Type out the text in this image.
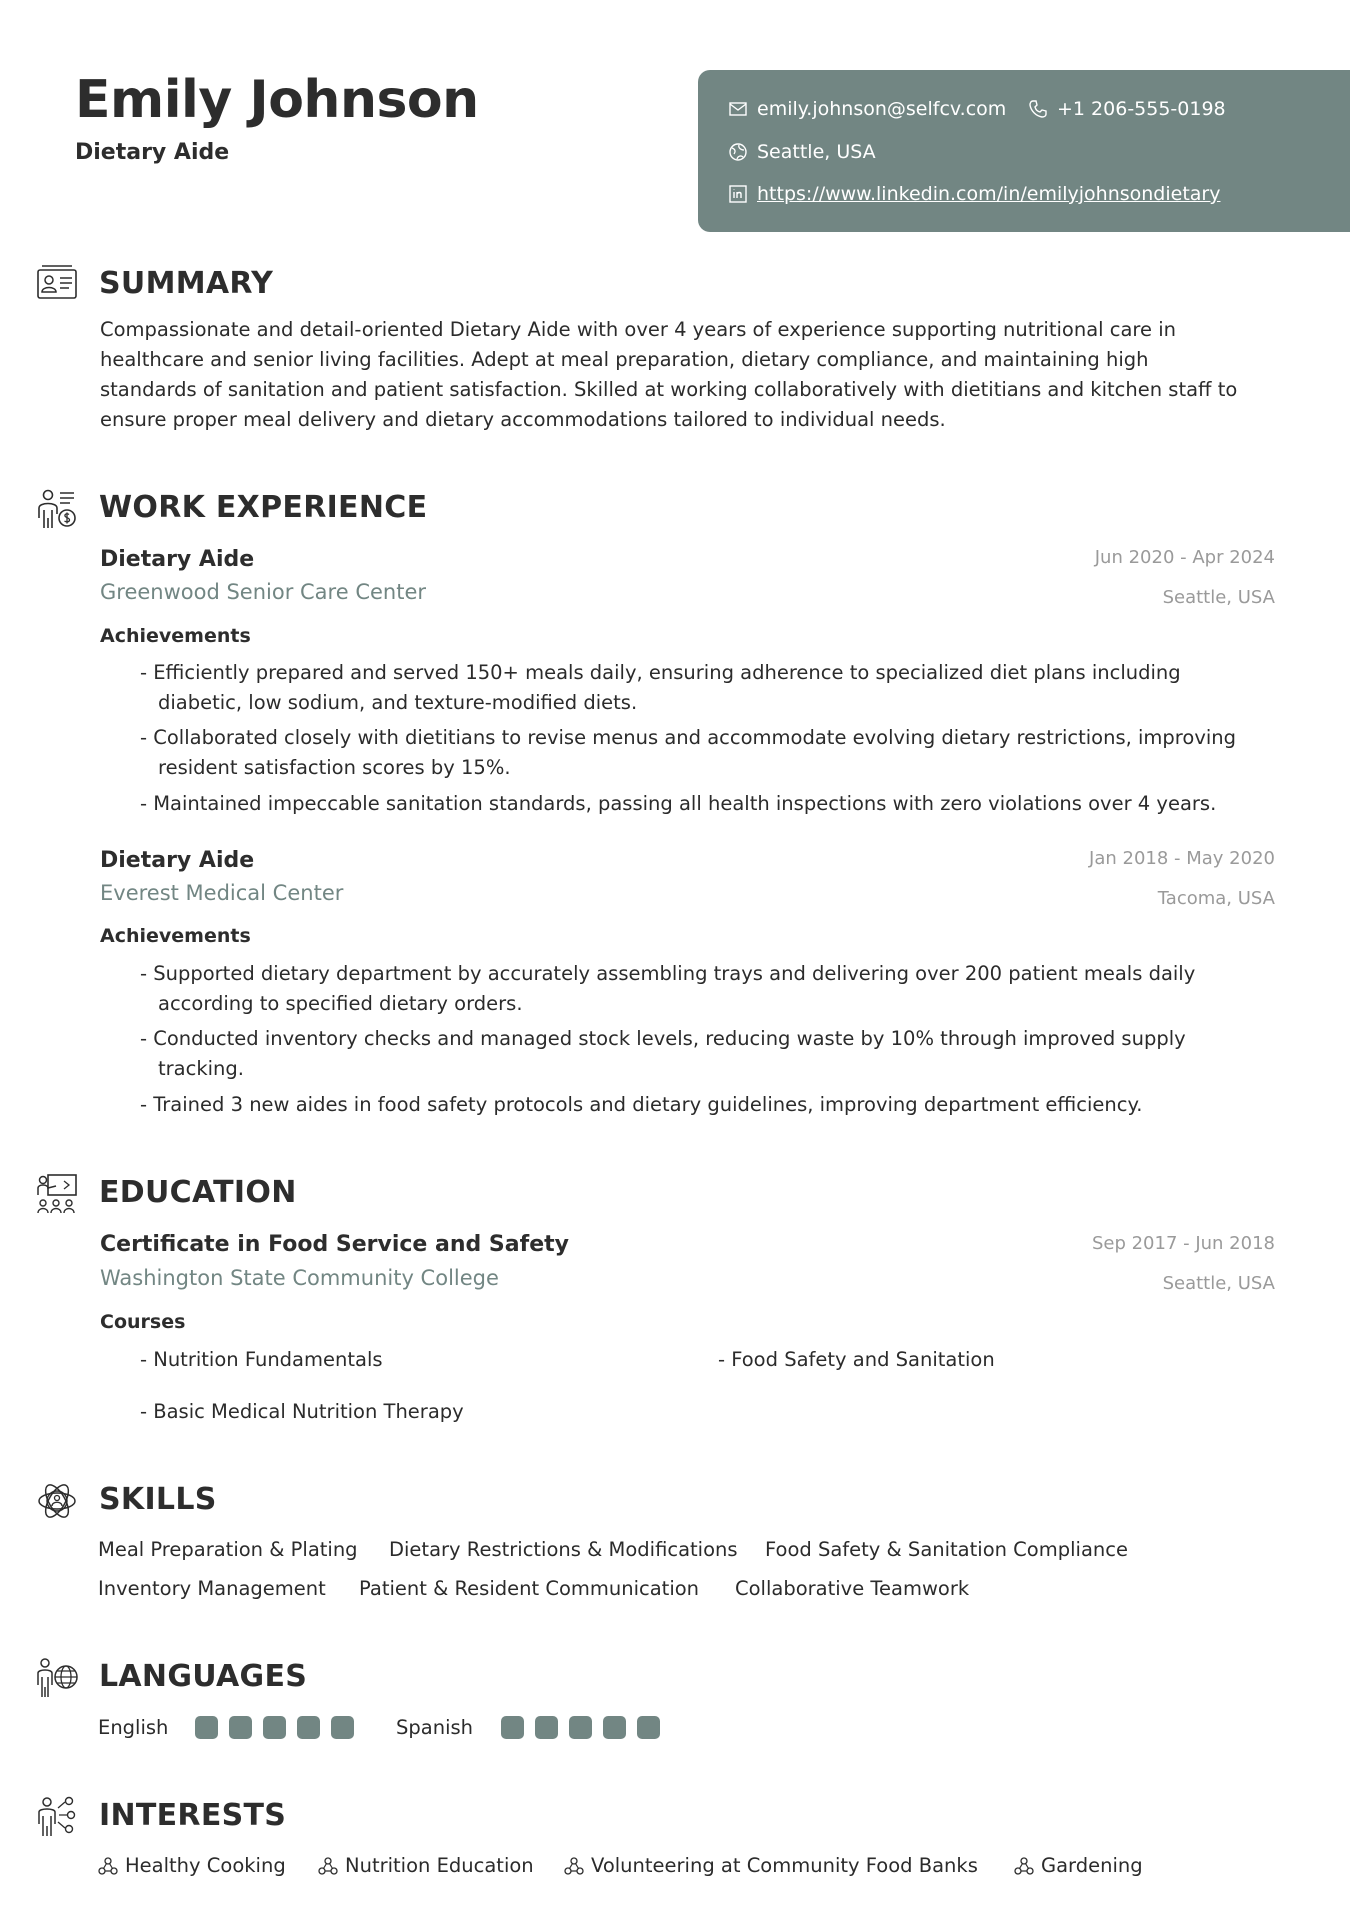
Emily Johnson
Dietary Aide
emily.johnson@selfcv.com	+1 206-555-0198
Seattle, USA
https://www.linkedin.com/in/emilyjohnsondietary
SUMMARY
Compassionate and detail-oriented Dietary Aide with over 4 years of experience supporting nutritional care in
healthcare and senior living facilities. Adept at meal preparation, dietary compliance, and maintaining high
standards of sanitation and patient satisfaction. Skilled at working collaboratively with dietitians and kitchen staff to
ensure proper meal delivery and dietary accommodations tailored to individual needs.
WORK EXPERIENCE
Dietary Aide	Jun 2020 - Apr 2024
Greenwood Senior Care Center	Seattle, USA
Achievements
- Efficiently prepared and served 150+ meals daily, ensuring adherence to specialized diet plans including
diabetic, low sodium, and texture-modified diets.
- Collaborated closely with dietitians to revise menus and accommodate evolving dietary restrictions, improving
resident satisfaction scores by 15%.
- Maintained impeccable sanitation standards, passing all health inspections with zero violations over 4 years.
Dietary Aide	Jan 2018 - May 2020
Everest Medical Center	Tacoma, USA
Achievements
- Supported dietary department by accurately assembling trays and delivering over 200 patient meals daily
according to specified dietary orders.
- Conducted inventory checks and managed stock levels, reducing waste by 10% through improved supply
tracking.
- Trained 3 new aides in food safety protocols and dietary guidelines, improving department efficiency.
EDUCATION
Certificate in Food Service and Safety	Sep 2017 - Jun 2018
Washington State Community College	Seattle, USA
Courses
- Nutrition Fundamentals	- Food Safety and Sanitation
- Basic Medical Nutrition Therapy
SKILLS
Meal Preparation & Plating Dietary Restrictions & Modifications Food Safety & Sanitation Compliance
Inventory Management Patient & Resident Communication Collaborative Teamwork
LANGUAGES
English	Spanish
INTERESTS
Healthy Cooking	Nutrition Education	Volunteering at Community Food Banks	Gardening
